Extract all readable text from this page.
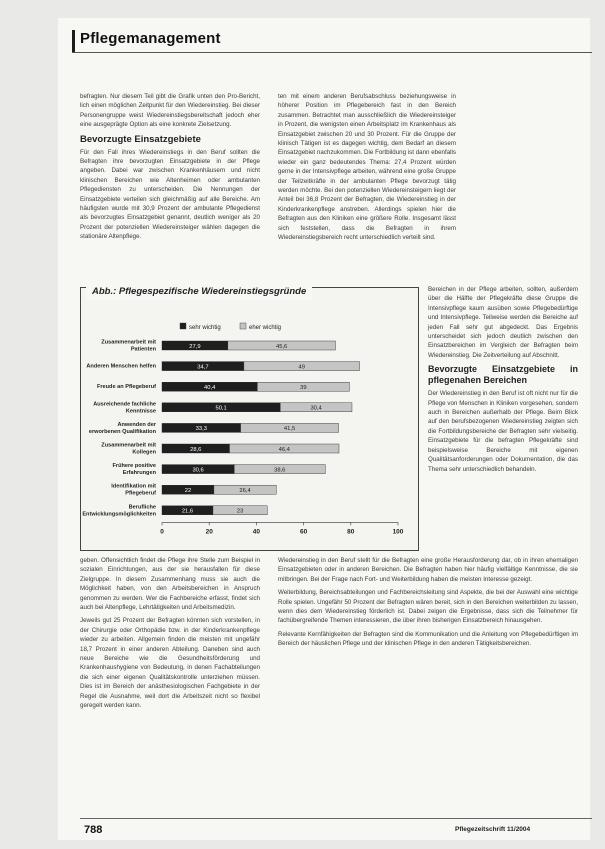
Pflegemanagement

befragten. Nur diesem Teil gibt die Grafik unten den Pro-Bericht, lich einen möglichen Zeitpunkt für den Wiedereinstieg. Bei dieser Personengruppe weist Wiedereinstiegsbereitschaft jedoch eher eine ausgeprägte Option als eine konkrete Zielsetzung.

Bevorzugte Einsatzgebiete

Für den Fall ihres Wiedereinstiegs in den Beruf sollten die Befragten ihre bevorzugten Einsatzgebiete in der Pflege angeben. Dabei war zwischen Krankenhäusern und nicht klinischen Bereichen wie Altenheimen oder ambulanten Pflegediensten zu unterscheiden. Die Nennungen der Einsatzgebiete verteilen sich gleichmäßig auf alle Bereiche. Am häufigsten wurde mit 30,9 Prozent der ambulante Pflegedienst als bevorzugtes Einsatzgebiet genannt, deutlich weniger als 20 Prozent der potenziellen Wiedereinsteiger wählen dagegen die stationäre Altenpflege.

ten mit einem anderen Berufsabschluss beziehungsweise in höherer Position im Pflegebereich fast in den Bereich zusammen. Betrachtet man ausschließlich die Wiedereinsteiger in Prozent, die wenigsten einen Arbeitsplatz im Krankenhaus als Einsatzgebiet zwischen 20 und 30 Prozent. Für die Gruppe der klinisch Tätigen ist es dagegen wichtig, dem Bedarf an diesem Einsatzgebiet nachzukommen. Die Fortbildung ist dann ebenfalls wieder ein ganz bedeutendes Thema: 27,4 Prozent würden gerne in der Intensivpflege arbeiten, während eine große Gruppe der Teilzeitkräfte in der ambulanten Pflege bevorzugt tätig werden möchte. Bei den potenziellen Wiedereinsteigern liegt der Anteil bei 36,8 Prozent der Befragten, die Wiedereinstieg in der Kinderkrankenpflege anstreben. Allerdings spielen hier die Befragten aus den Kliniken eine größere Rolle. Insgesamt lässt sich feststellen, dass die Befragten in ihrem Wiedereinstiegsbereich recht unterschiedlich verteilt sind.

Bereichen in der Pflege arbeiten, sollten, außerdem über die Hälfte der Pflegekräfte diese Gruppe die Intensivpflege kaum ausüben sowie Pflegebedürftige und Intensivpflege. Teilweise werden die Bereiche auf jeden Fall sehr gut abgedeckt. Das Ergebnis unterscheidet sich jedoch deutlich zwischen den Einsatzbereichen im Vergleich der Befragten beim Wiedereinstieg. Die Zeitverteilung auf Abschnitt.

Bevorzugte Einsatzgebiete in pflegenahen Bereichen

Der Wiedereinstieg in den Beruf ist oft nicht nur für die Pflege von Menschen in Kliniken vorgesehen, sondern auch in Bereichen außerhalb der Pflege. Beim Blick auf den berufsbezogenen Wiedereinstieg zeigten sich die Fortbildungsbereiche der Befragten sehr vielseitig. Einsatzgebiete für die befragten Pflegekräfte sind beispielsweise Bereiche mit eigenen Qualitätsanforderungen oder Dokumentation, die das Thema sehr unterschiedlich behandeln.

sehr wichtig	eher wichtig
Zusammenarbeit mit
Patienten	27,9	45,6
Anderen Menschen helfen	34,7	49
Freude an Pflegeberuf	40,4	39
Ausreichende fachliche
Kenntnisse	50,1	30,4
Anwenden der
erworbenen Qualifikation	33,3	41,5
Zusammenarbeit mit
Kollegen	28,6	46,4
Frühere positive
Erfahrungen	30,6	38,6
Identifikation mit
Pflegeberuf	22	26,4
Berufliche
Entwicklungsmöglichkeiten	21,6	23
0	20	40	60	80	100
Abb.: Pflegespezifische Wiedereinstiegsgründe

geben. Offensichtlich findet die Pflege ihre Stelle zum Beispiel in sozialen Einrichtungen, aus der sie herausfallen für diese Zielgruppe. In diesem Zusammenhang muss sie auch die Möglichkeit haben, von den Arbeitsbereichen in Anspruch genommen zu werden. Wer die Fachbereiche erfasst, findet sich auch bei Altenpflege, Lehrtätigkeiten und Arbeitsmedizin.

Jeweils gut 25 Prozent der Befragten könnten sich vorstellen, in der Chirurgie oder Orthopädie bzw. in der Kinderkrankenpflege wieder zu arbeiten. Allgemein finden die meisten mit ungefähr 18,7 Prozent in einer anderen Abteilung. Daneben sind auch neue Bereiche wie die Gesundheitsförderung und Krankenhaushygiene von Bedeutung, in denen Fachabteilungen die sich einer eigenen Qualitätskontrolle unterziehen müssen. Dies ist im Bereich der anästhesiologischen Fachgebiete in der Regel die Ausnahme, weil dort die Arbeitszeit nicht so flexibel geregelt werden kann.

Wiedereinstieg in den Beruf stellt für die Befragten eine große Herausforderung dar, ob in ihren ehemaligen Einsatzgebieten oder in anderen Bereichen. Die Befragten haben hier häufig vielfältige Kenntnisse, die sie mitbringen. Bei der Frage nach Fort- und Weiterbildung haben die meisten Interesse gezeigt.

Weiterbildung, Bereichsabteilungen und Fachbereichsleitung sind Aspekte, die bei der Auswahl eine wichtige Rolle spielen. Ungefähr 50 Prozent der Befragten wären bereit, sich in den Bereichen weiterbilden zu lassen, wenn dies dem Wiedereinstieg förderlich ist. Dabei zeigen die Ergebnisse, dass sich die Teilnehmer für fachübergreifende Themen interessieren, die über ihren bisherigen Einsatzbereich hinausgehen.

Relevante Kernfähigkeiten der Befragten sind die Kommunikation und die Anleitung von Pflegebedürftigen im Bereich der häuslichen Pflege und der klinischen Pflege in den anderen Tätigkeitsbereichen.

788	Pflegezeitschrift 11/2004
